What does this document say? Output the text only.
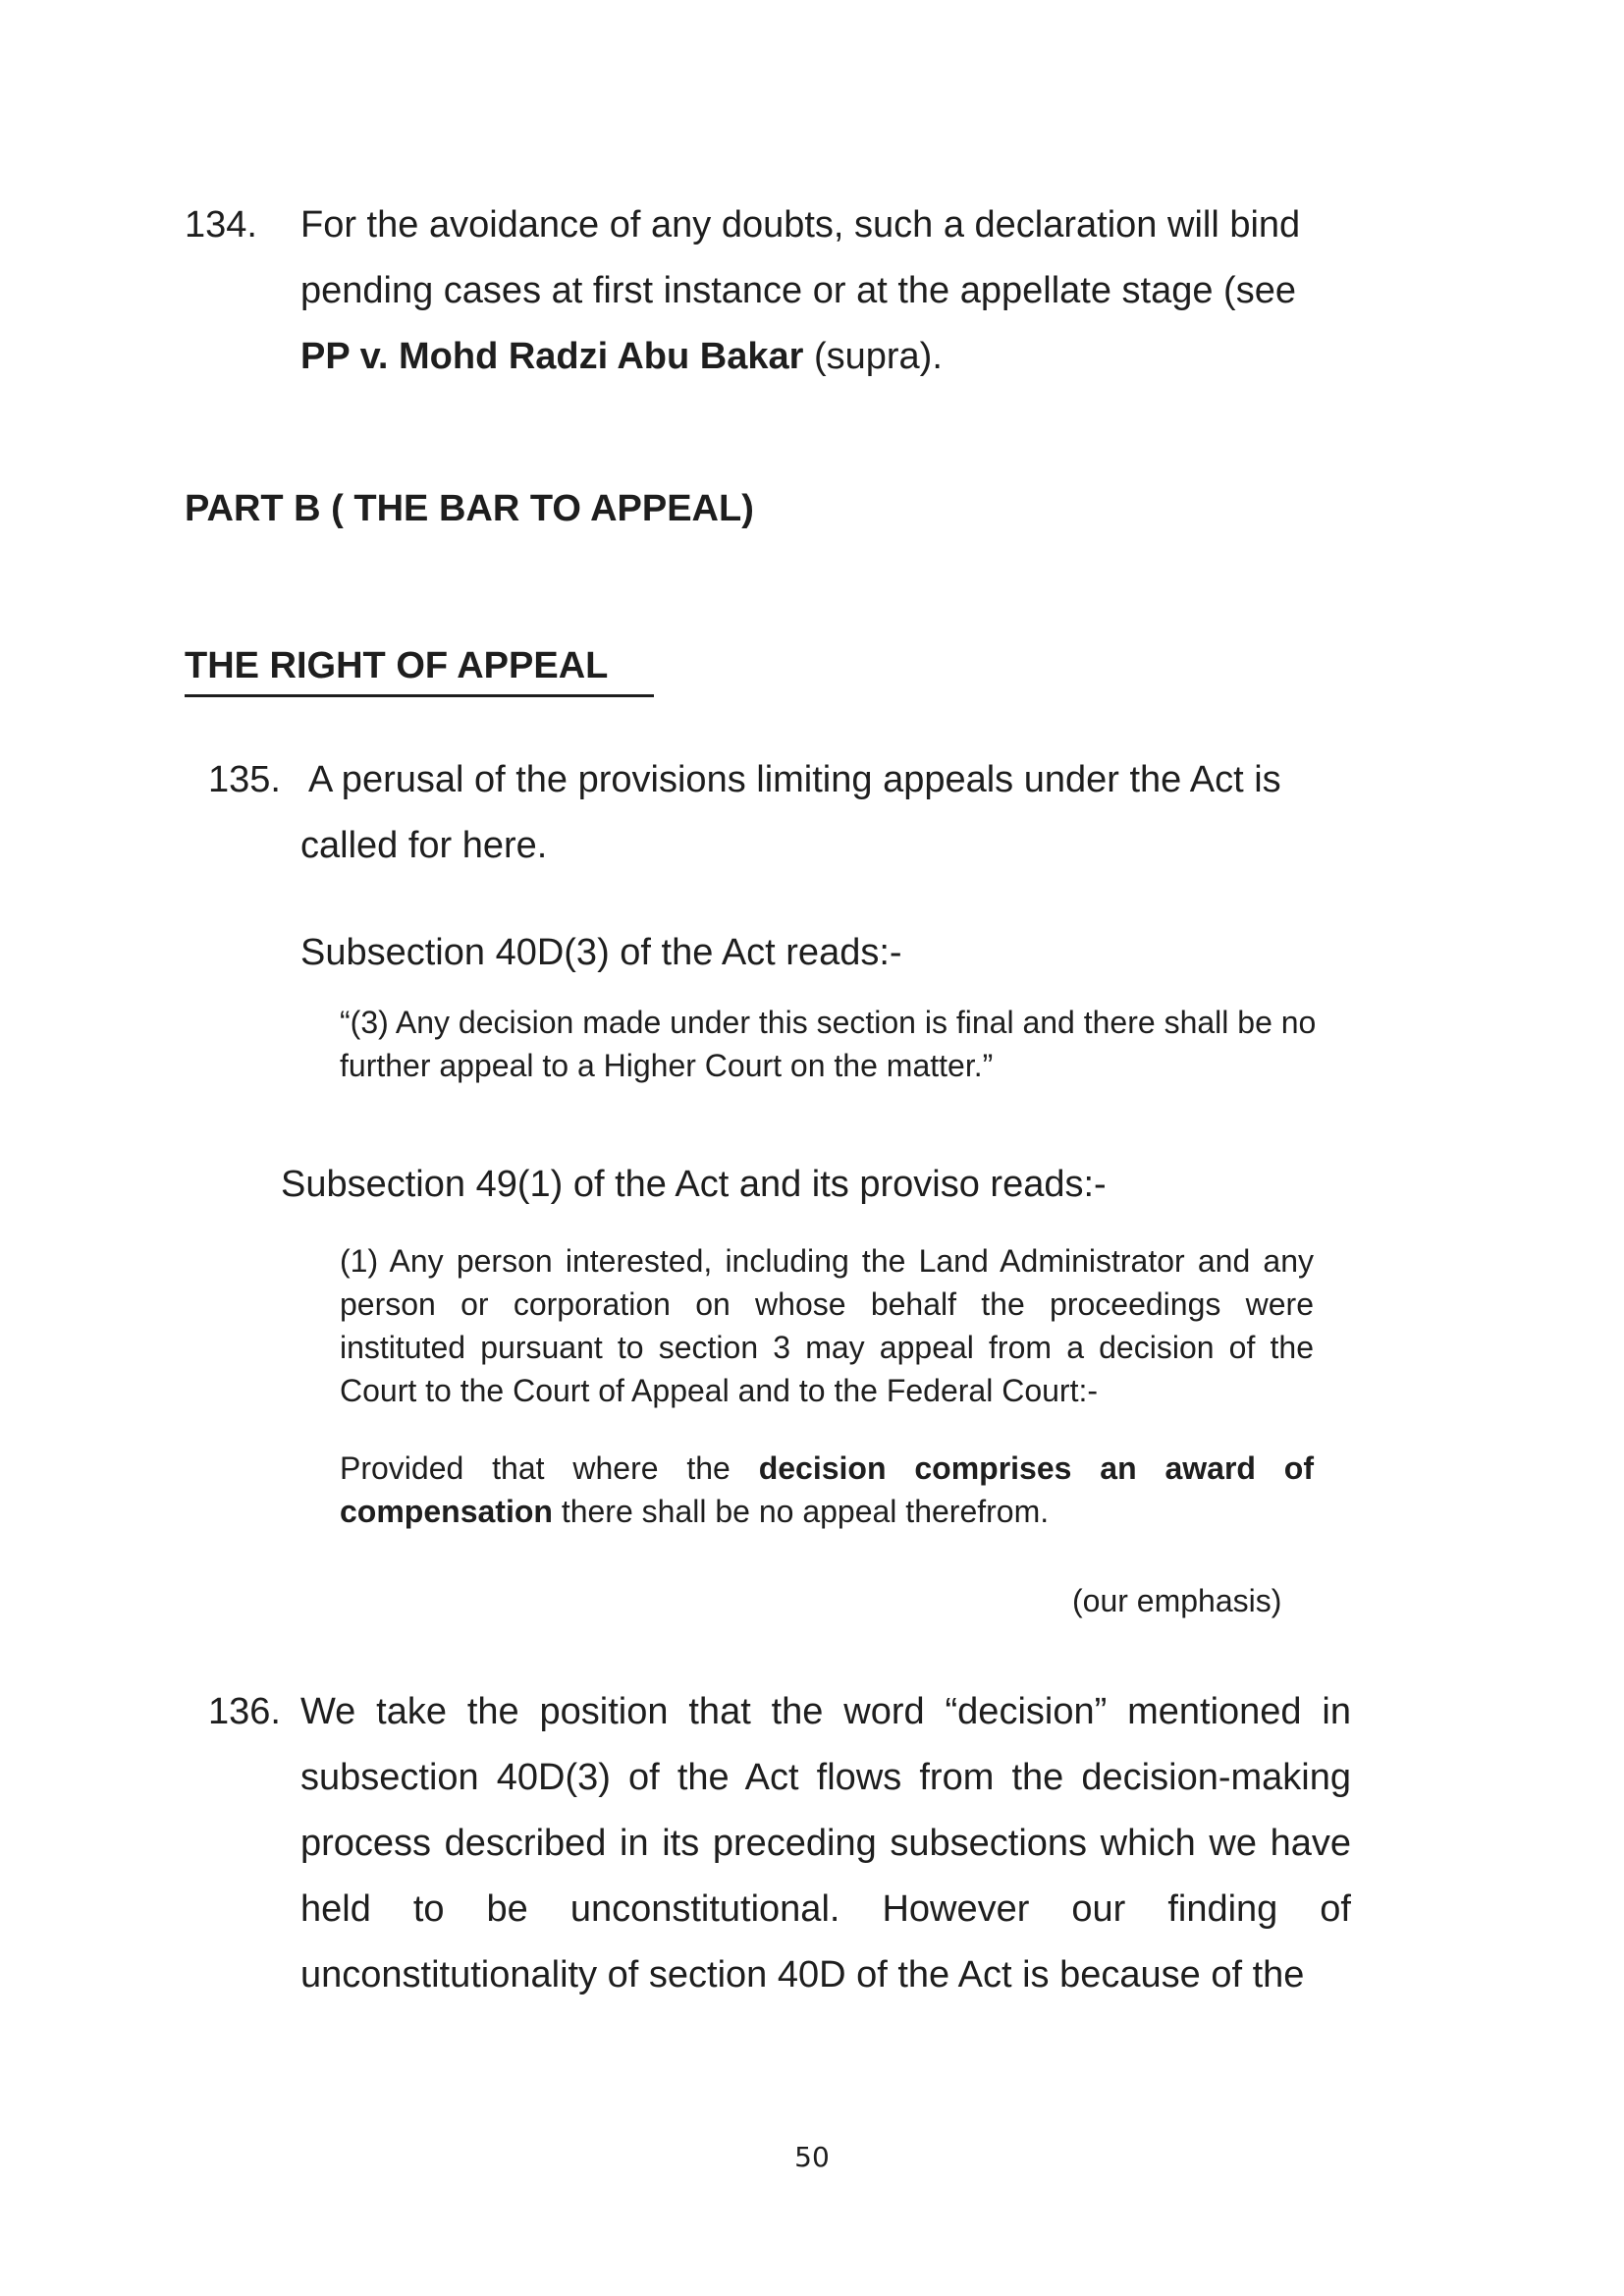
134. For the avoidance of any doubts, such a declaration will bind pending cases at first instance or at the appellate stage (see PP v. Mohd Radzi Abu Bakar (supra).

PART B ( THE BAR TO APPEAL)
THE RIGHT OF APPEAL
135. A perusal of the provisions limiting appeals under the Act is called for here.

Subsection 40D(3) of the Act reads:-

“(3) Any decision made under this section is final and there shall be no further appeal to a Higher Court on the matter.”

Subsection 49(1) of the Act and its proviso reads:-

(1) Any person interested, including the Land Administrator and any person or corporation on whose behalf the proceedings were instituted pursuant to section 3 may appeal from a decision of the Court to the Court of Appeal and to the Federal Court:-

Provided that where the decision comprises an award of compensation there shall be no appeal therefrom.

(our emphasis)

136. We take the position that the word “decision” mentioned in subsection 40D(3) of the Act flows from the decision-making process described in its preceding subsections which we have held to be unconstitutional. However our finding of unconstitutionality of section 40D of the Act is because of the

50
